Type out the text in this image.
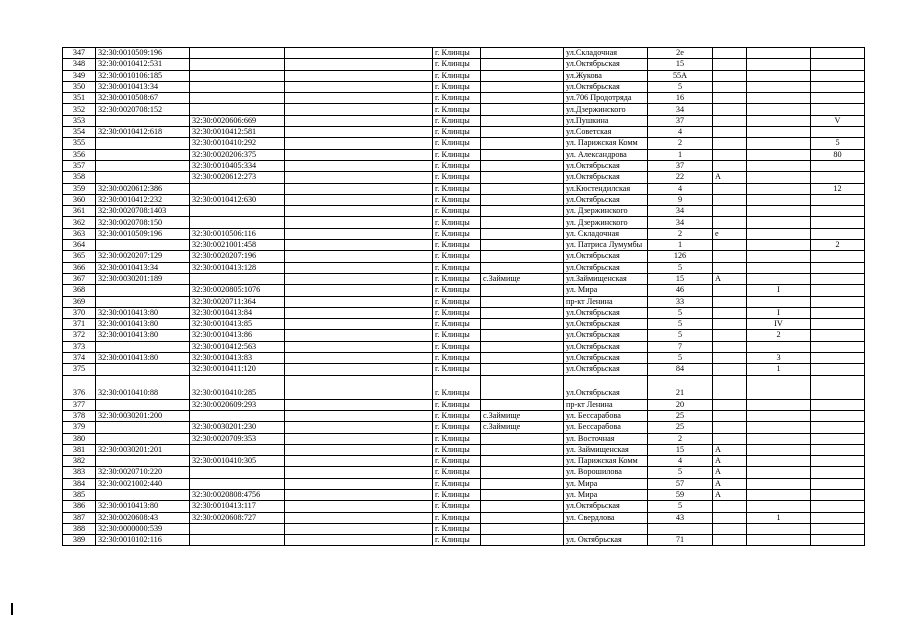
347	32:30:0010509:196			г. Клинцы		ул.Складочная	2е			
348	32:30:0010412:531			г. Клинцы		ул.Октябрьская	15			
349	32:30:0010106:185			г. Клинцы		ул.Жукова	55А			
350	32:30:0010413:34			г. Клинцы		ул.Октябрьская	5			
351	32:30:0010508:67			г. Клинцы		ул.706 Продотряда	16			
352	32:30:0020708:152			г. Клинцы		ул.Дзержинского	34			
353		32:30:0020606:669		г. Клинцы		ул.Пушкина	37			V
354	32:30:0010412:618	32:30:0010412:581		г. Клинцы		ул.Советская	4			
355		32:30:0010410:292		г. Клинцы		ул. Парижская Комм	2			5
356		32:30:0020206:375		г. Клинцы		ул. Александрова	1			80
357		32:30:0010405:334		г. Клинцы		ул.Октябрьская	37			
358		32:30:0020612:273		г. Клинцы		ул.Октябрьская	22	А		
359	32:30:0020612:386			г. Клинцы		ул.Кюстендилская	4			12
360	32:30:0010412:232	32:30:0010412:630		г. Клинцы		ул.Октябрьская	9			
361	32:30:0020708:1403			г. Клинцы		ул. Дзержинского	34			
362	32:30:0020708:150			г. Клинцы		ул. Дзержинского	34			
363	32:30:0010509:196	32:30:0010506:116		г. Клинцы		ул. Складочная	2	е		
364		32:30:0021001:458		г. Клинцы		ул. Патриса Лумумбы	1			2
365	32:30:0020207:129	32:30:0020207:196		г. Клинцы		ул.Октябрьская	126			
366	32:30:0010413:34	32:30:0010413:128		г. Клинцы		ул.Октябрьская	5			
367	32:30:0030201:189			г. Клинцы	с.Займище	ул.Займищенская	15	А		
368		32:30:0020805:1076		г. Клинцы		ул. Мира	46		I	
369		32:30:0020711:364		г. Клинцы		пр-кт Ленина	33			
370	32:30:0010413:80	32:30:0010413:84		г. Клинцы		ул.Октябрьская	5		I	
371	32:30:0010413:80	32:30:0010413:85		г. Клинцы		ул.Октябрьская	5		IV	
372	32:30:0010413:80	32:30:0010413:86		г. Клинцы		ул.Октябрьская	5		2	
373		32:30:0010412:563		г. Клинцы		ул.Октябрьская	7			
374	32:30:0010413:80	32:30:0010413:83		г. Клинцы		ул.Октябрьская	5		3	
375		32:30:0010411:120		г. Клинцы		ул.Октябрьская	84		1	
376	32:30:0010410:88	32:30:0010410:285		г. Клинцы		ул.Октябрьская	21			
377		32:30:0020609:293		г. Клинцы		пр-кт Ленина	20			
378	32:30:0030201:200			г. Клинцы	с.Займище	ул. Бессарабова	25			
379		32:30:0030201:230		г. Клинцы	с.Займище	ул. Бессарабова	25			
380		32:30:0020709:353		г. Клинцы		ул. Восточная	2			
381	32:30:0030201:201			г. Клинцы		ул. Займищенская	15	А		
382		32:30:0010410:305		г. Клинцы		ул. Парижская Комм	4	А		
383	32:30:0020710:220			г. Клинцы		ул. Ворошилова	5	А		
384	32:30:0021002:440			г. Клинцы		ул. Мира	57	А		
385		32:30:0020808:4756		г. Клинцы		ул. Мира	59	А		
386	32:30:0010413:80	32:30:0010413:117		г. Клинцы		ул.Октябрьская	5			
387	32:30:0020608:43	32:30:0020608:727		г. Клинцы		ул. Свердлова	43		1	
388	32:30:0000000:539			г. Клинцы						
389	32:30:0010102:116			г. Клинцы		ул. Октябрьская	71			
